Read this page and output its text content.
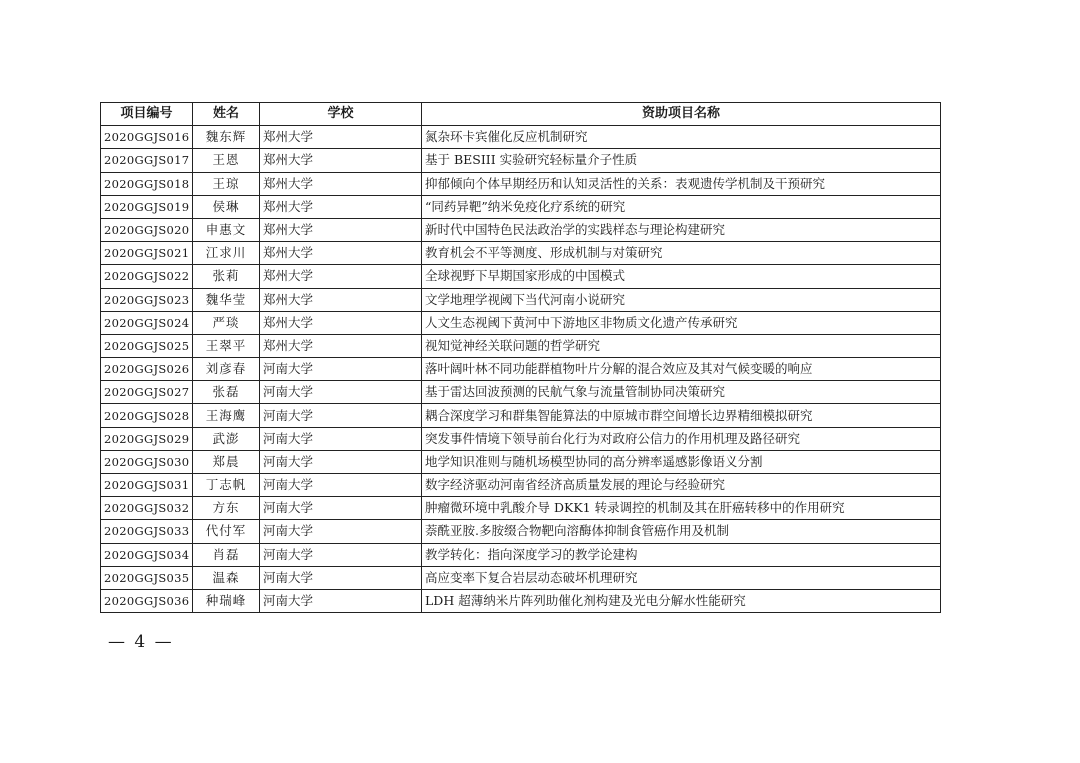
项目编号	姓名	学校	资助项目名称
2020GGJS016	魏东辉	郑州大学	氮杂环卡宾催化反应机制研究
2020GGJS017	王恩	郑州大学	基于 BESIII 实验研究轻标量介子性质
2020GGJS018	王琼	郑州大学	抑郁倾向个体早期经历和认知灵活性的关系：表观遗传学机制及干预研究
2020GGJS019	侯琳	郑州大学	“同药异靶”纳米免疫化疗系统的研究
2020GGJS020	申惠文	郑州大学	新时代中国特色民法政治学的实践样态与理论构建研究
2020GGJS021	江求川	郑州大学	教育机会不平等测度、形成机制与对策研究
2020GGJS022	张莉	郑州大学	全球视野下早期国家形成的中国模式
2020GGJS023	魏华莹	郑州大学	文学地理学视阈下当代河南小说研究
2020GGJS024	严琰	郑州大学	人文生态视阈下黄河中下游地区非物质文化遗产传承研究
2020GGJS025	王翠平	郑州大学	视知觉神经关联问题的哲学研究
2020GGJS026	刘彦春	河南大学	落叶阔叶林不同功能群植物叶片分解的混合效应及其对气候变暖的响应
2020GGJS027	张磊	河南大学	基于雷达回波预测的民航气象与流量管制协同决策研究
2020GGJS028	王海鹰	河南大学	耦合深度学习和群集智能算法的中原城市群空间增长边界精细模拟研究
2020GGJS029	武澎	河南大学	突发事件情境下领导前台化行为对政府公信力的作用机理及路径研究
2020GGJS030	郑晨	河南大学	地学知识准则与随机场模型协同的高分辨率遥感影像语义分割
2020GGJS031	丁志帆	河南大学	数字经济驱动河南省经济高质量发展的理论与经验研究
2020GGJS032	方东	河南大学	肿瘤微环境中乳酸介导 DKK1 转录调控的机制及其在肝癌转移中的作用研究
2020GGJS033	代付军	河南大学	萘酰亚胺.多胺缀合物靶向溶酶体抑制食管癌作用及机制
2020GGJS034	肖磊	河南大学	教学转化：指向深度学习的教学论建构
2020GGJS035	温森	河南大学	高应变率下复合岩层动态破坏机理研究
2020GGJS036	种瑞峰	河南大学	LDH 超薄纳米片阵列助催化剂构建及光电分解水性能研究
— 4 —
